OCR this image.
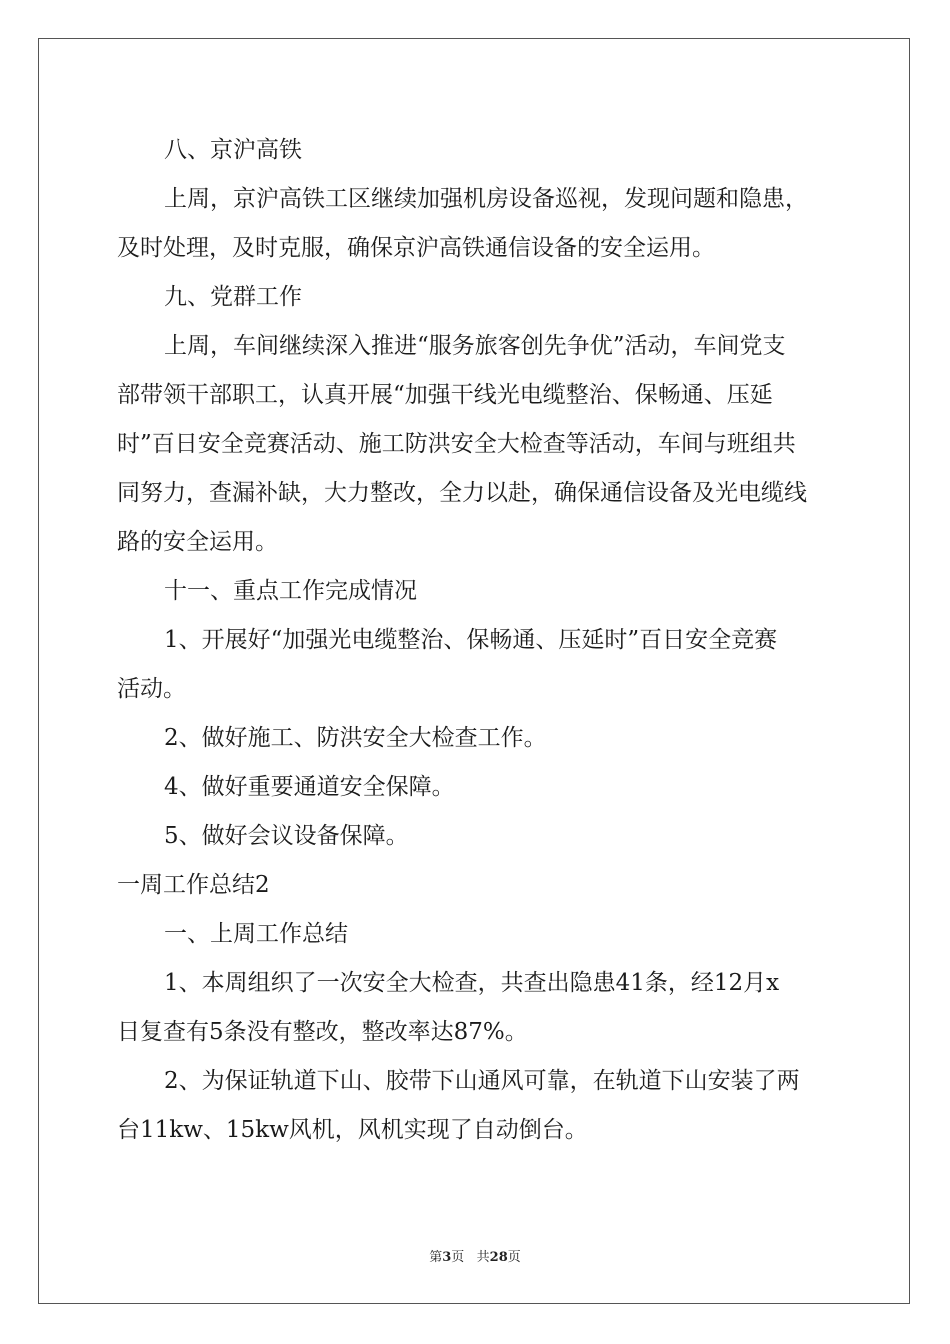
八、京沪高铁
上周，京沪高铁工区继续加强机房设备巡视，发现问题和隐患，
及时处理，及时克服，确保京沪高铁通信设备的安全运用。
九、党群工作
上周，车间继续深入推进“服务旅客创先争优”活动，车间党支
部带领干部职工，认真开展“加强干线光电缆整治、保畅通、压延
时”百日安全竞赛活动、施工防洪安全大检查等活动，车间与班组共
同努力，查漏补缺，大力整改，全力以赴，确保通信设备及光电缆线
路的安全运用。
十一、重点工作完成情况
1、开展好“加强光电缆整治、保畅通、压延时”百日安全竞赛
活动。
2、做好施工、防洪安全大检查工作。
4、做好重要通道安全保障。
5、做好会议设备保障。
一周工作总结2
一、上周工作总结
1、本周组织了一次安全大检查，共查出隐患41条，经12月x
日复查有5条没有整改，整改率达87%。
2、为保证轨道下山、胶带下山通风可靠，在轨道下山安装了两
台11kw、15kw风机，风机实现了自动倒台。
第3页   共28页
